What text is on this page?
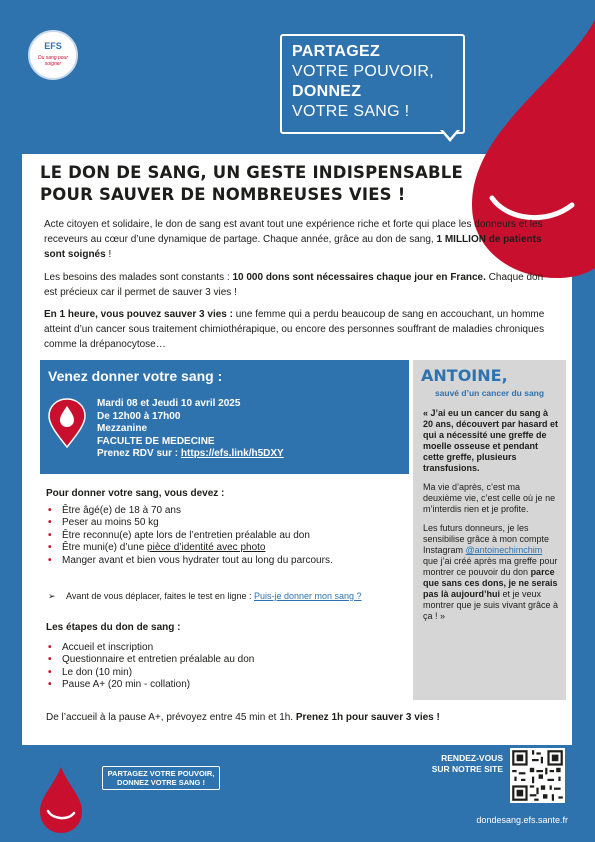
EFS
Du sang pour soigner
PARTAGEZ
VOTRE POUVOIR,
DONNEZ
VOTRE SANG !
LE DON DE SANG, UN GESTE INDISPENSABLE
POUR SAUVER DE NOMBREUSES VIES !
Acte citoyen et solidaire, le don de sang est avant tout une expérience riche et forte qui place les donneurs et les receveurs au cœur d’une dynamique de partage. Chaque année, grâce au don de sang, 1 MILLION de patients sont soignés !
Les besoins des malades sont constants : 10 000 dons sont nécessaires chaque jour en France. Chaque don est précieux car il permet de sauver 3 vies !
En 1 heure, vous pouvez sauver 3 vies : une femme qui a perdu beaucoup de sang en accouchant, un homme atteint d’un cancer sous traitement chimiothérapique, ou encore des personnes souffrant de maladies chroniques comme la drépanocytose…
Venez donner votre sang :
Mardi 08 et Jeudi 10 avril 2025
De 12h00 à 17h00
Mezzanine
FACULTE DE MEDECINE
Prenez RDV sur : https://efs.link/h5DXY
ANTOINE,
sauvé d’un cancer du sang

« J’ai eu un cancer du sang à 20 ans, découvert par hasard et qui a nécessité une greffe de moelle osseuse et pendant cette greffe, plusieurs transfusions.

Ma vie d’après, c’est ma deuxième vie, c’est celle où je ne m’interdis rien et je profite.

Les futurs donneurs, je les sensibilise grâce à mon compte Instagram @antoinechimchim que j’ai créé après ma greffe pour montrer ce pouvoir du don parce que sans ces dons, je ne serais pas là aujourd’hui et je veux montrer que je suis vivant grâce à ça ! »

Pour donner votre sang, vous devez :
• Être âgé(e) de 18 à 70 ans
• Peser au moins 50 kg
• Être reconnu(e) apte lors de l’entretien préalable au don
• Être muni(e) d’une pièce d’identité avec photo
• Manger avant et bien vous hydrater tout au long du parcours.
➢ Avant de vous déplacer, faites le test en ligne : Puis-je donner mon sang ?
Les étapes du don de sang :
• Accueil et inscription
• Questionnaire et entretien préalable au don
• Le don (10 min)
• Pause A+ (20 min - collation)
De l’accueil à la pause A+, prévoyez entre 45 min et 1h. Prenez 1h pour sauver 3 vies !
PARTAGEZ VOTRE POUVOIR,
DONNEZ VOTRE SANG !
RENDEZ-VOUS
SUR NOTRE SITE
dondesang.efs.sante.fr
